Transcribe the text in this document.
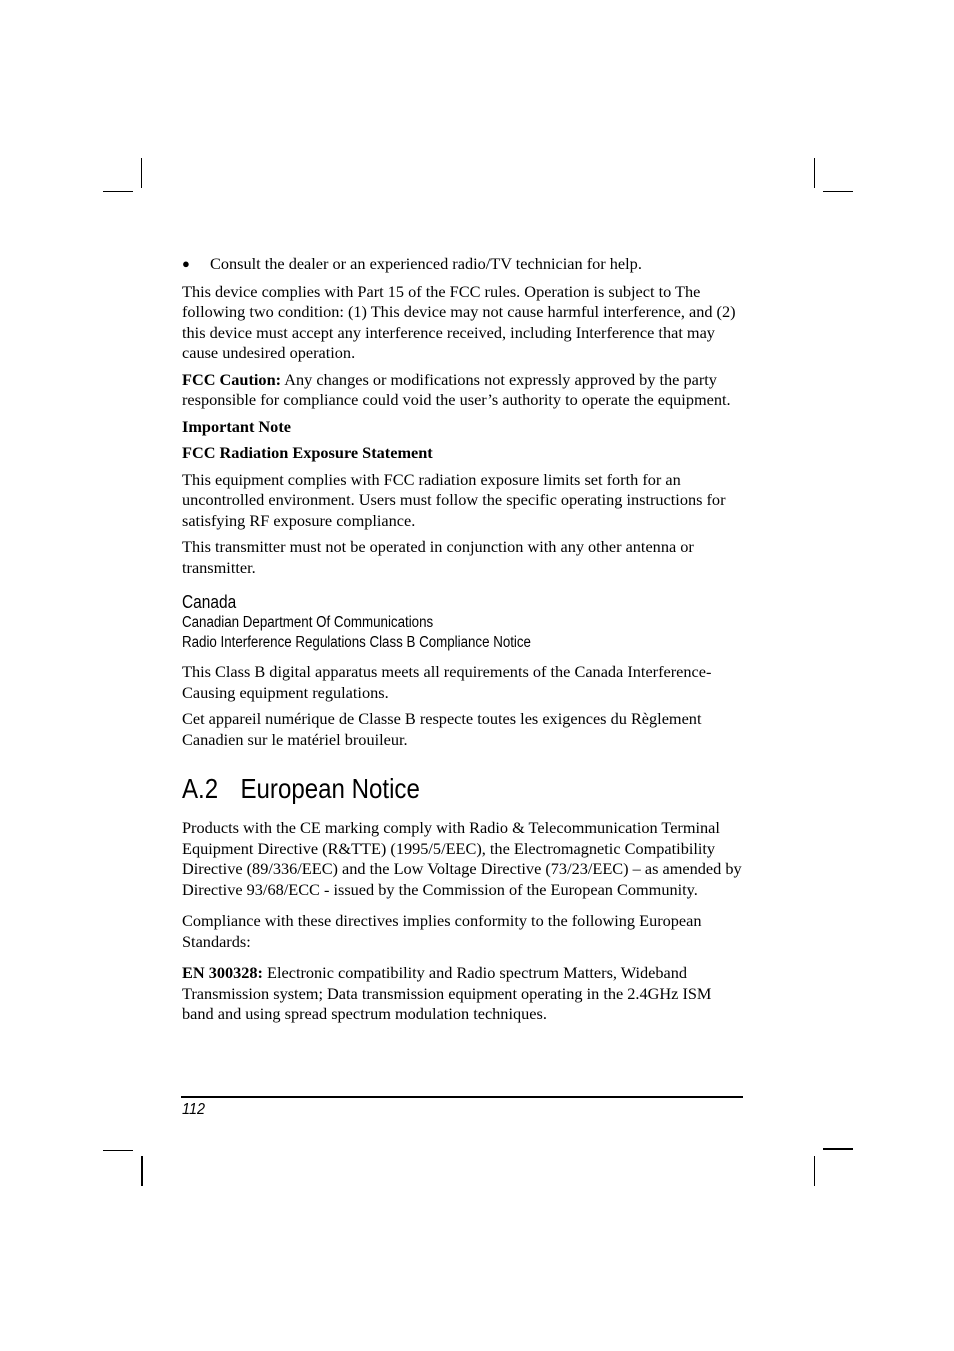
●	Consult the dealer or an experienced radio/TV technician for help.

This device complies with Part 15 of the FCC rules. Operation is subject to The following two condition: (1) This device may not cause harmful interference, and (2) this device must accept any interference received, including Interference that may cause undesired operation.

FCC Caution: Any changes or modifications not expressly approved by the party responsible for compliance could void the user’s authority to operate the equipment.

Important Note

FCC Radiation Exposure Statement

This equipment complies with FCC radiation exposure limits set forth for an uncontrolled environment. Users must follow the specific operating instructions for satisfying RF exposure compliance.

This transmitter must not be operated in conjunction with any other antenna or transmitter.

Canada
Canadian Department Of Communications
Radio Interference Regulations Class B Compliance Notice

This Class B digital apparatus meets all requirements of the Canada Interference-Causing equipment regulations.

Cet appareil numérique de Classe B respecte toutes les exigences du Règlement Canadien sur le matériel brouileur.

A.2 European Notice

Products with the CE marking comply with Radio & Telecommunication Terminal Equipment Directive (R&TTE) (1995/5/EEC), the Electromagnetic Compatibility Directive (89/336/EEC) and the Low Voltage Directive (73/23/EEC) – as amended by Directive 93/68/ECC - issued by the Commission of the European Community.

Compliance with these directives implies conformity to the following European Standards:

EN 300328: Electronic compatibility and Radio spectrum Matters, Wideband Transmission system; Data transmission equipment operating in the 2.4GHz ISM band and using spread spectrum modulation techniques.

112
